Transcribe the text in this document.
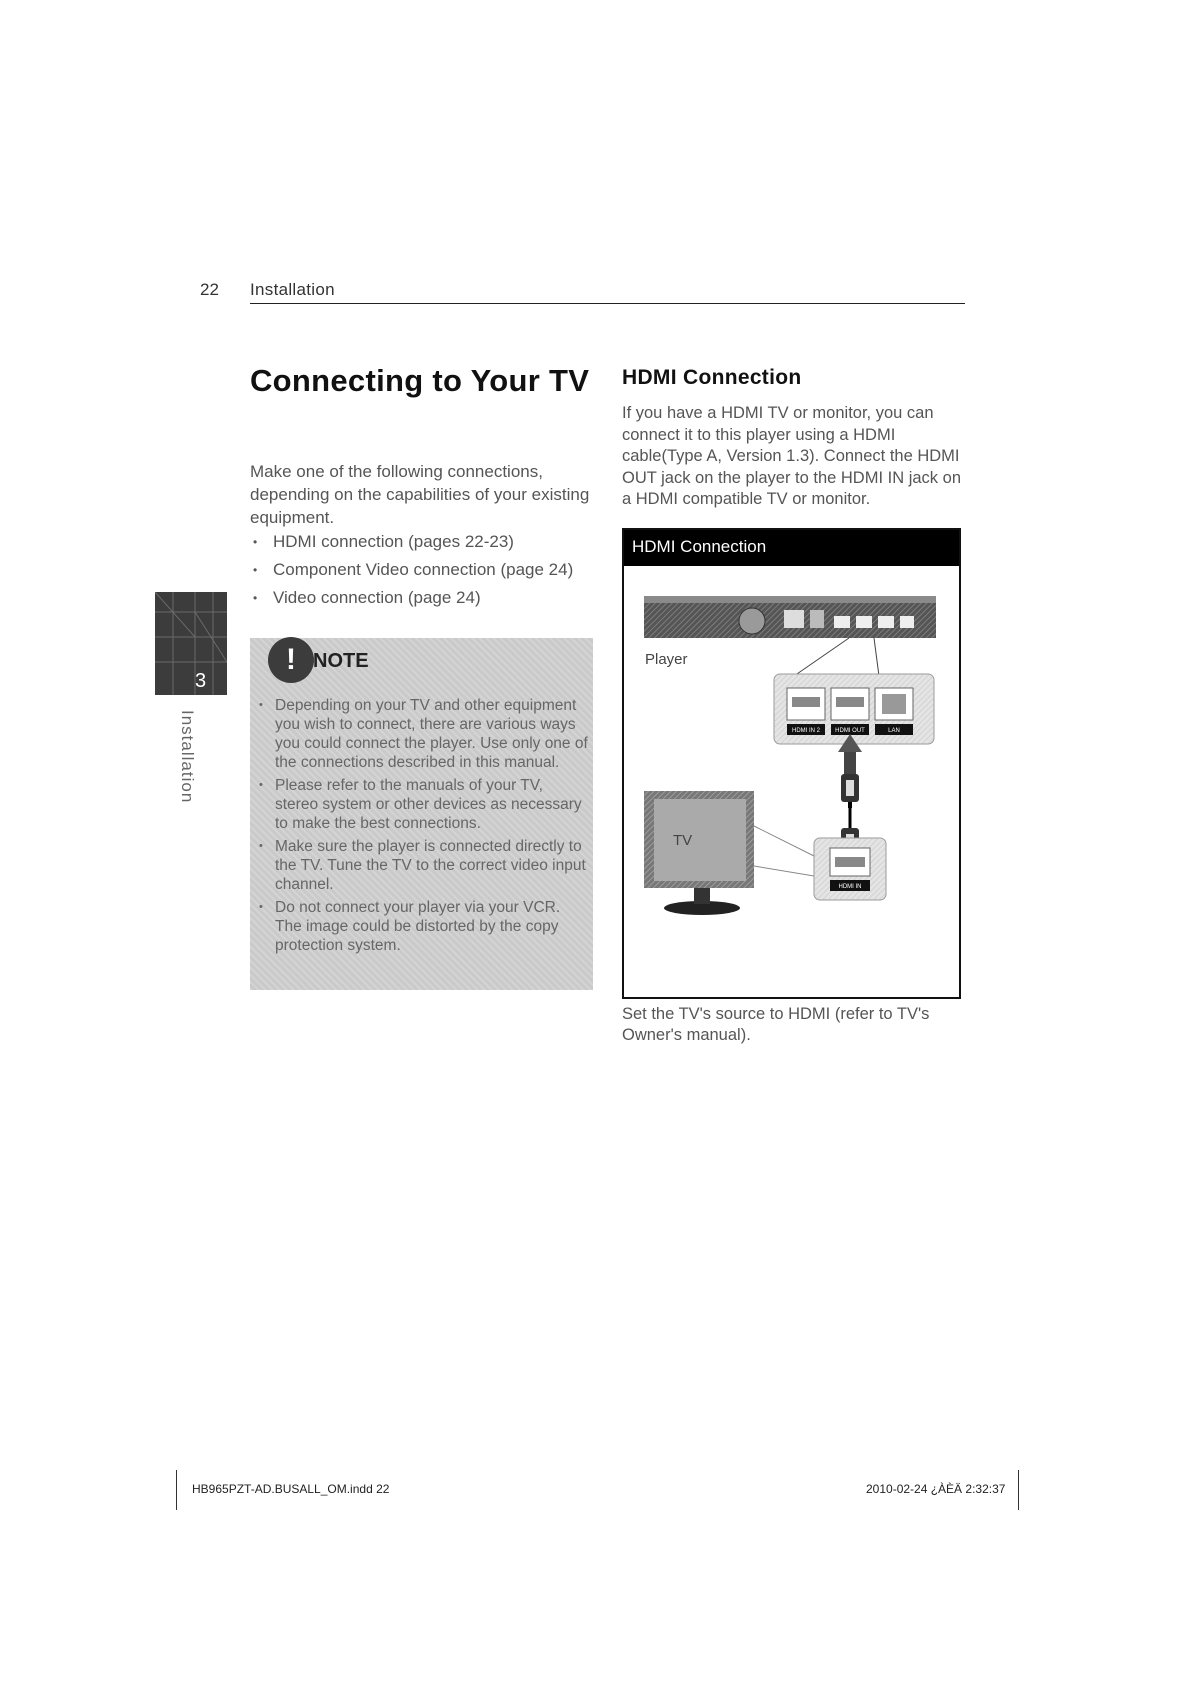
22 Installation
Connecting to Your TV
Make one of the following connections, depending on the capabilities of your existing equipment.
• HDMI connection (pages 22-23)
• Component Video connection (page 24)
• Video connection (page 24)
3
Installation
! NOTE
• Depending on your TV and other equipment you wish to connect, there are various ways you could connect the player. Use only one of the connections described in this manual.
• Please refer to the manuals of your TV, stereo system or other devices as necessary to make the best connections.
• Make sure the player is connected directly to the TV. Tune the TV to the correct video input channel.
• Do not connect your player via your VCR. The image could be distorted by the copy protection system.
HDMI Connection
If you have a HDMI TV or monitor, you can connect it to this player using a HDMI cable(Type A, Version 1.3). Connect the HDMI OUT jack on the player to the HDMI IN jack on a HDMI compatible TV or monitor.
HDMI Connection
HDMI IN 2	HDMI OUT	LAN
HDMI IN
Player
TV
Set the TV's source to HDMI (refer to TV's Owner's manual).
HB965PZT-AD.BUSALL_OM.indd 22	2010-02-24 ¿ÀÈÄ 2:32:37
